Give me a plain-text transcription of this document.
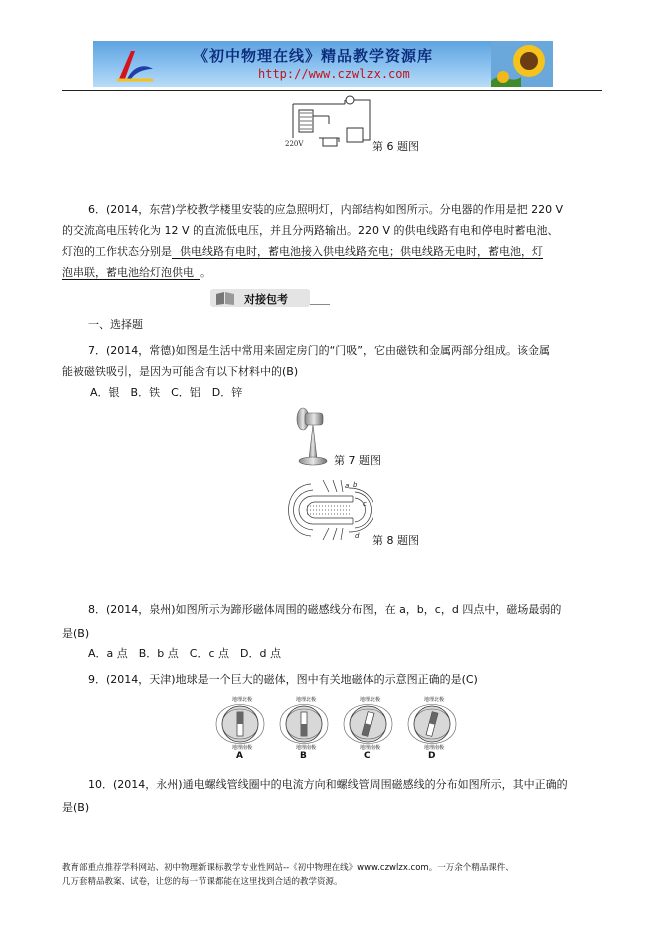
《初中物理在线》精品教学资源库
http://www.czwlzx.com
220V	第 6 题图
6．(2014，东营)学校教学楼里安装的应急照明灯，内部结构如图所示。分电器的作用是把 220 V
的交流高电压转化为 12 V 的直流低电压，并且分两路输出。220 V 的供电线路有电和停电时蓄电池、
灯泡的工作状态分别是 供电线路有电时，蓄电池接入供电线路充电；供电线路无电时，蓄电池，灯
泡串联，蓄电池给灯泡供电 。
对接包考
一、选择题
7．(2014，常德)如图是生活中常用来固定房门的“门吸”，它由磁铁和金属两部分组成。该金属
能被磁铁吸引，是因为可能含有以下材料中的(B)
A．银　B．铁　C．铝　D．锌
第 7 题图
a b
c
d 第 8 题图
8．(2014，泉州)如图所示为蹄形磁体周围的磁感线分布图，在 a，b，c，d 四点中，磁场最弱的
是(B)
A．a 点　B．b 点　C．c 点　D．d 点
9．(2014，天津)地球是一个巨大的磁体，图中有关地磁体的示意图正确的是(C)
地理北极
地理南极
A
地理北极
地理南极
B
地理北极
地理南极
C
地理北极
地理南极
D
10．(2014，永州)通电螺线管线圈中的电流方向和螺线管周围磁感线的分布如图所示，其中正确的
是(B)
教育部重点推荐学科网站、初中物理新课标教学专业性网站--《初中物理在线》www.czwlzx.com。一万余个精品课件、
几万套精品教案、试卷，让您的每一节课都能在这里找到合适的教学资源。
